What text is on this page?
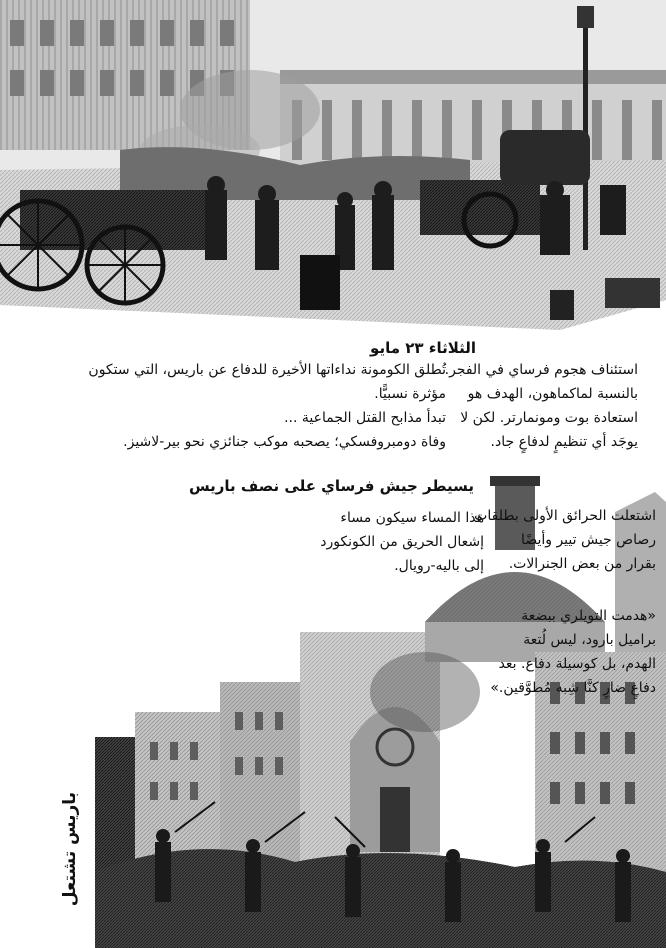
الثلاثاء ٢٣ مايو
تُطلق الكومونة نداءاتها الأخيرة للدفاع عن باريس، التي ستكون
مؤثرة نسبيًّا.
تبدأ مذابح القتل الجماعية ...
وفاة دومبروفسكي؛ يصحبه موكب جنائزي نحو بير-لاشيز.
استئناف هجوم فرساي في الفجر.
بالنسبة لماكماهون، الهدف هو
استعادة بوت ومونمارتر. لكن لا
يوجَد أي تنظيمٍ لدفاعٍ جاد.
يسيطر جيش فرساي على نصف باريس
هذا المساء سيكون مساء
إشعال الحريق من الكونكورد
إلى باليه-رويال.
اشتعلت الحرائق الأولى بطلقات
رصاص جيش تيير وأيضًا
بقرار من بعض الجنرالات.
«هدمت التويلري ببضعة
براميل بارود، ليس لُتعة
الهدم، بل كوسيلة دفاع. بعد
دفاعٍ ضارٍ كنَّا شِبه مُطوَّقين.»
باريس تشتعل
